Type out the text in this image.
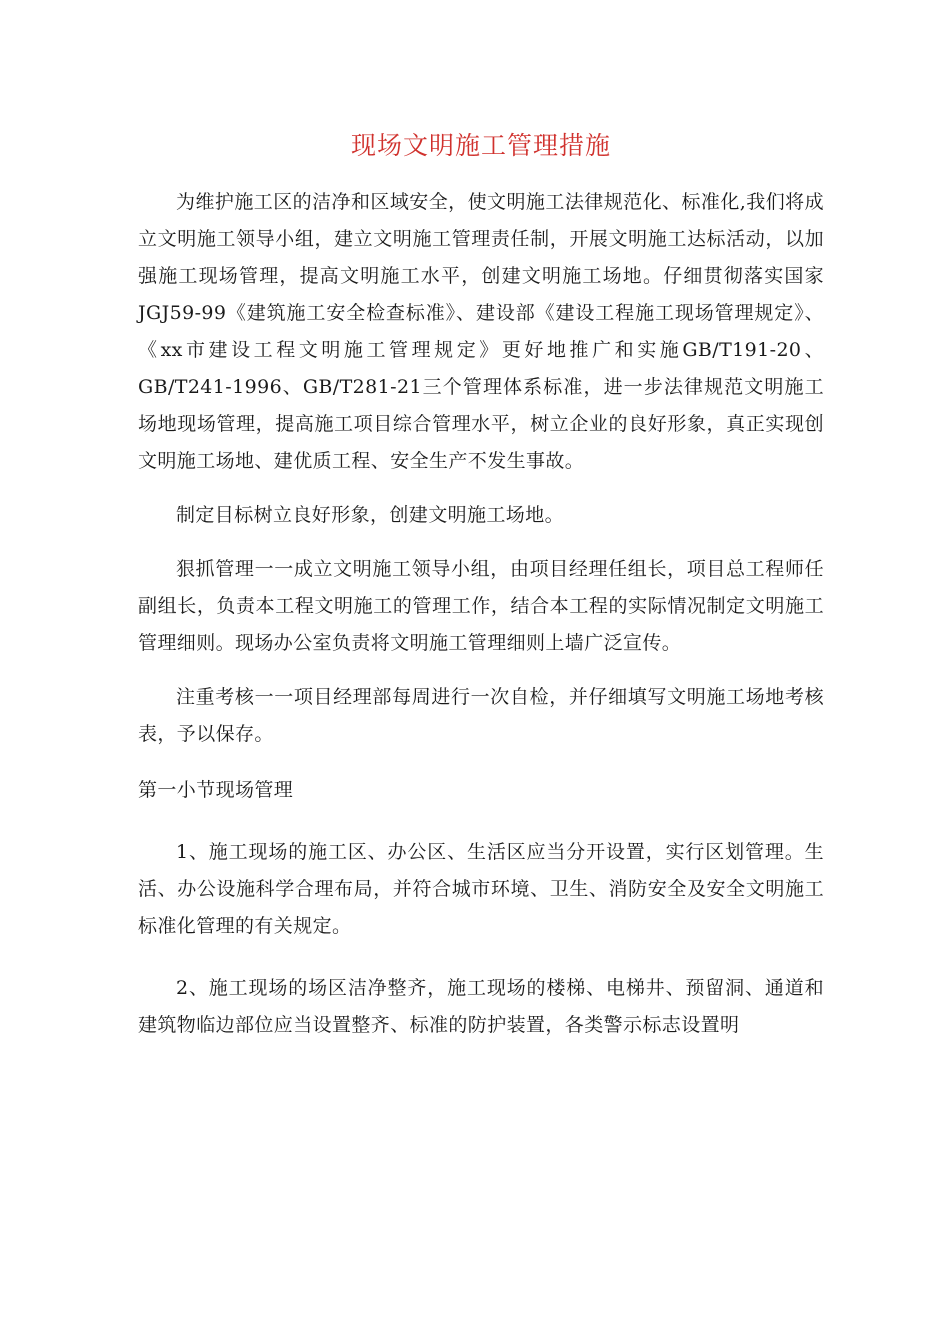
现场文明施工管理措施

为维护施工区的洁净和区域安全，使文明施工法律规范化、标准化,我们将成立文明施工领导小组，建立文明施工管理责任制，开展文明施工达标活动，以加强施工现场管理，提高文明施工水平，创建文明施工场地。仔细贯彻落实国家JGJ59-99《建筑施工安全检查标准》、建设部《建设工程施工现场管理规定》、《xx市建设工程文明施工管理规定》更好地推广和实施GB/T191-20、GB/T241-1996、GB/T281-21三个管理体系标准，进一步法律规范文明施工场地现场管理，提高施工项目综合管理水平，树立企业的良好形象，真正实现创文明施工场地、建优质工程、安全生产不发生事故。

制定目标树立良好形象，创建文明施工场地。

狠抓管理一一成立文明施工领导小组，由项目经理任组长，项目总工程师任副组长，负责本工程文明施工的管理工作，结合本工程的实际情况制定文明施工管理细则。现场办公室负责将文明施工管理细则上墙广泛宣传。

注重考核一一项目经理部每周进行一次自检，并仔细填写文明施工场地考核表，予以保存。

第一小节现场管理

1、施工现场的施工区、办公区、生活区应当分开设置，实行区划管理。生活、办公设施科学合理布局，并符合城市环境、卫生、消防安全及安全文明施工标准化管理的有关规定。

2、施工现场的场区洁净整齐，施工现场的楼梯、电梯井、预留洞、通道和建筑物临边部位应当设置整齐、标准的防护装置，各类警示标志设置明
